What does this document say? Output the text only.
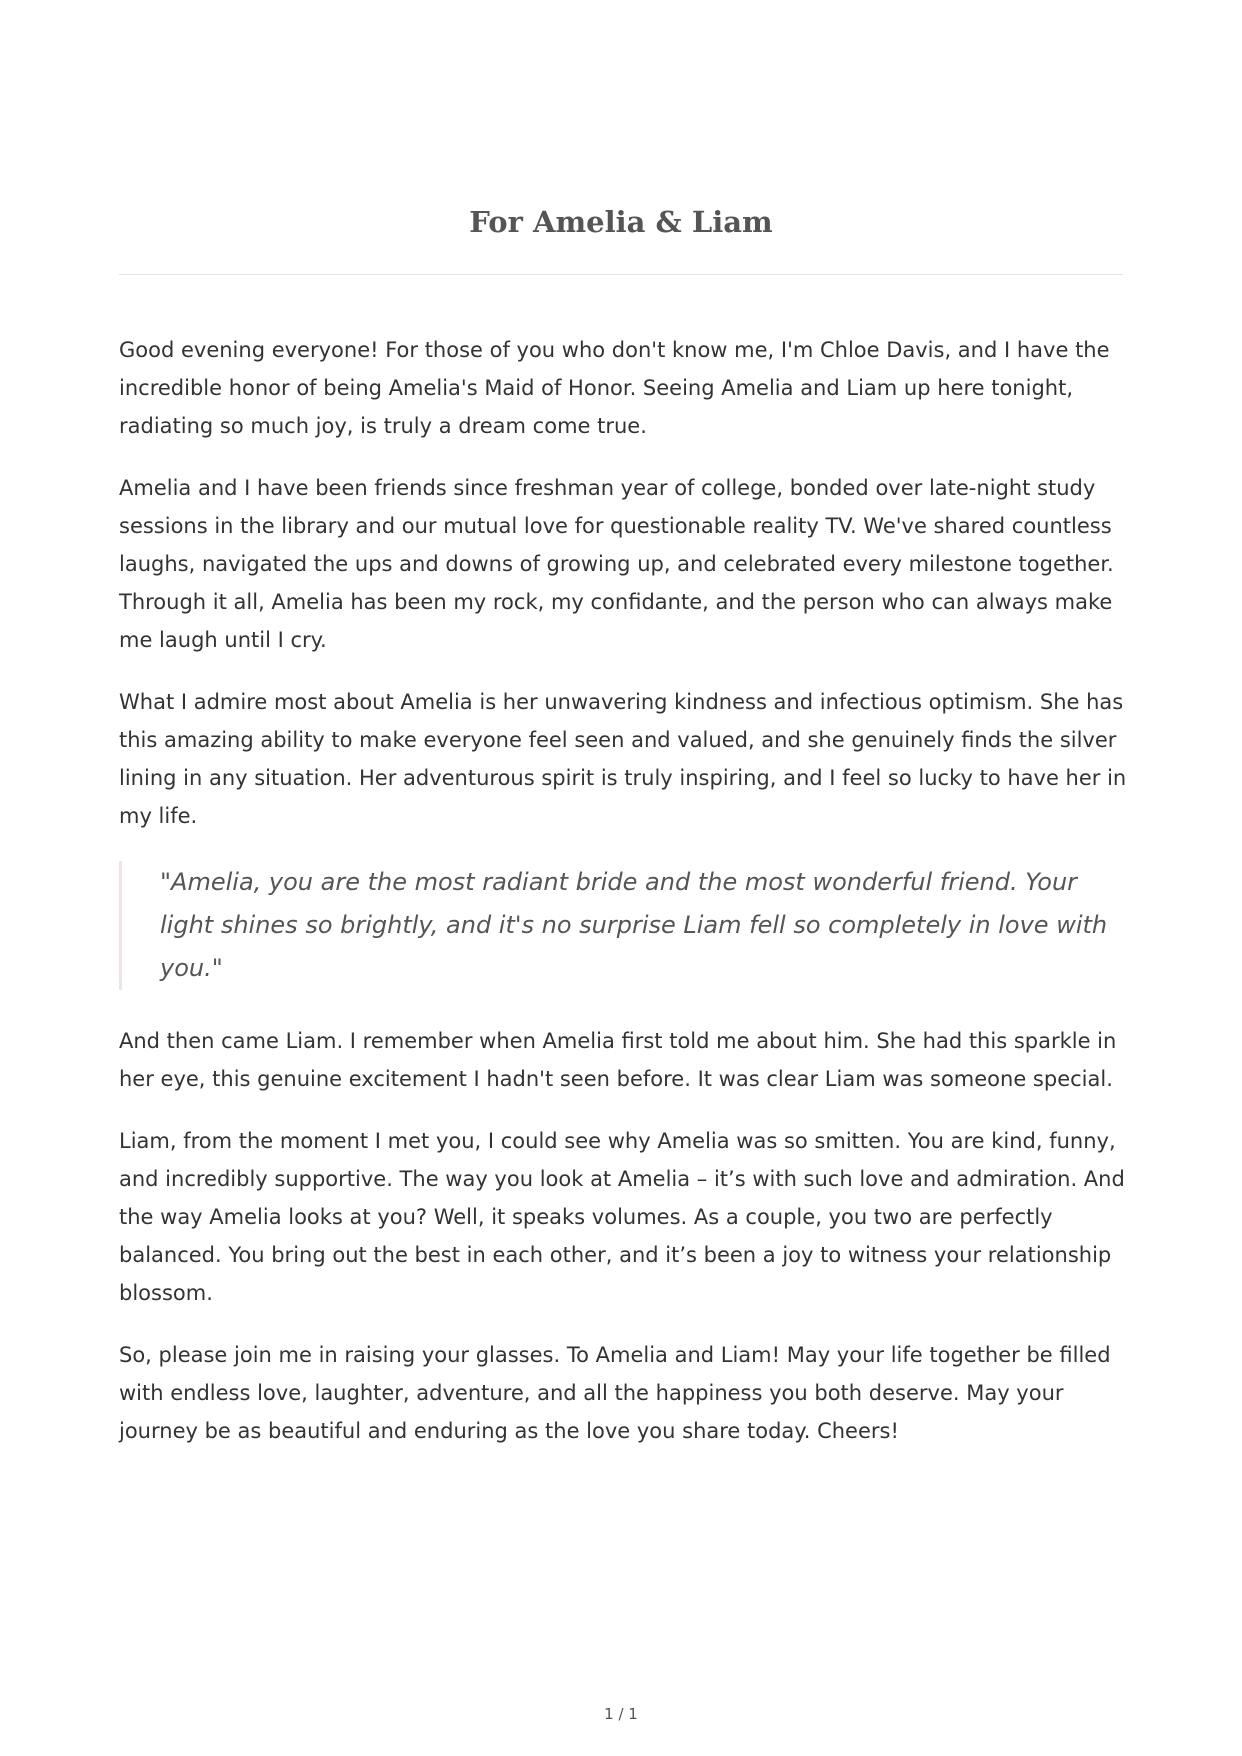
For Amelia & Liam

Good evening everyone! For those of you who don't know me, I'm Chloe Davis, and I have the incredible honor of being Amelia's Maid of Honor. Seeing Amelia and Liam up here tonight, radiating so much joy, is truly a dream come true.

Amelia and I have been friends since freshman year of college, bonded over late-night study sessions in the library and our mutual love for questionable reality TV. We've shared countless laughs, navigated the ups and downs of growing up, and celebrated every milestone together. Through it all, Amelia has been my rock, my confidante, and the person who can always make me laugh until I cry.

What I admire most about Amelia is her unwavering kindness and infectious optimism. She has this amazing ability to make everyone feel seen and valued, and she genuinely finds the silver lining in any situation. Her adventurous spirit is truly inspiring, and I feel so lucky to have her in my life.

"Amelia, you are the most radiant bride and the most wonderful friend. Your light shines so brightly, and it's no surprise Liam fell so completely in love with you."

And then came Liam. I remember when Amelia first told me about him. She had this sparkle in her eye, this genuine excitement I hadn't seen before. It was clear Liam was someone special.

Liam, from the moment I met you, I could see why Amelia was so smitten. You are kind, funny, and incredibly supportive. The way you look at Amelia – it’s with such love and admiration. And the way Amelia looks at you? Well, it speaks volumes. As a couple, you two are perfectly balanced. You bring out the best in each other, and it’s been a joy to witness your relationship blossom.

So, please join me in raising your glasses. To Amelia and Liam! May your life together be filled with endless love, laughter, adventure, and all the happiness you both deserve. May your journey be as beautiful and enduring as the love you share today. Cheers!

1 / 1
